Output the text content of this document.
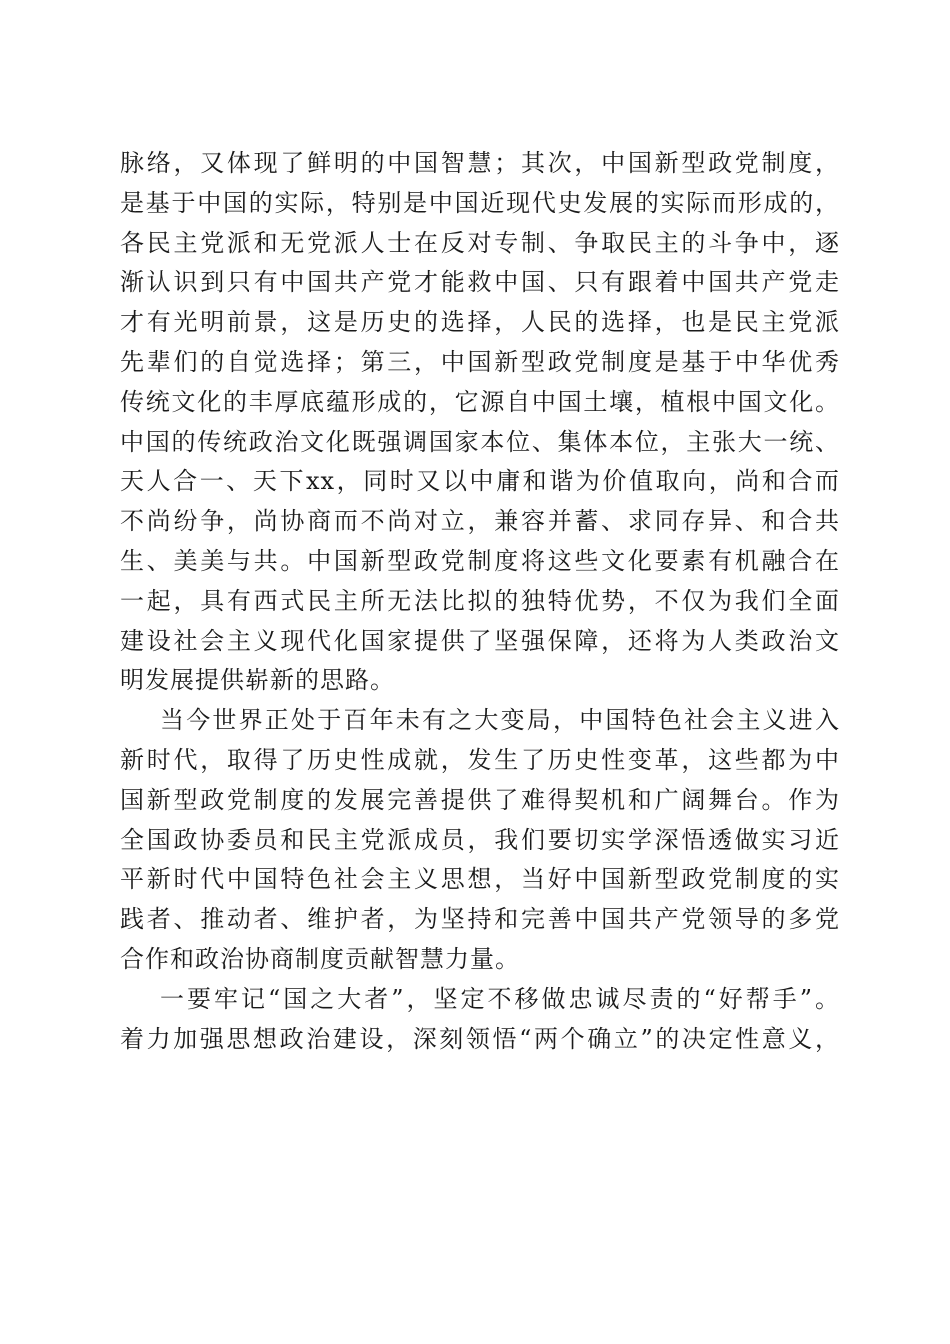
脉络，又体现了鲜明的中国智慧；其次，中国新型政党制度，
是基于中国的实际，特别是中国近现代史发展的实际而形成的，
各民主党派和无党派人士在反对专制、争取民主的斗争中，逐
渐认识到只有中国共产党才能救中国、只有跟着中国共产党走
才有光明前景，这是历史的选择，人民的选择，也是民主党派
先辈们的自觉选择；第三，中国新型政党制度是基于中华优秀
传统文化的丰厚底蕴形成的，它源自中国土壤，植根中国文化。
中国的传统政治文化既强调国家本位、集体本位，主张大一统、
天人合一、天下xx，同时又以中庸和谐为价值取向，尚和合而
不尚纷争，尚协商而不尚对立，兼容并蓄、求同存异、和合共
生、美美与共。中国新型政党制度将这些文化要素有机融合在
一起，具有西式民主所无法比拟的独特优势，不仅为我们全面
建设社会主义现代化国家提供了坚强保障，还将为人类政治文
明发展提供崭新的思路。
当今世界正处于百年未有之大变局，中国特色社会主义进入
新时代，取得了历史性成就，发生了历史性变革，这些都为中
国新型政党制度的发展完善提供了难得契机和广阔舞台。作为
全国政协委员和民主党派成员，我们要切实学深悟透做实习近
平新时代中国特色社会主义思想，当好中国新型政党制度的实
践者、推动者、维护者，为坚持和完善中国共产党领导的多党
合作和政治协商制度贡献智慧力量。
一要牢记“国之大者”，坚定不移做忠诚尽责的“好帮手”。
着力加强思想政治建设，深刻领悟“两个确立”的决定性意义，
